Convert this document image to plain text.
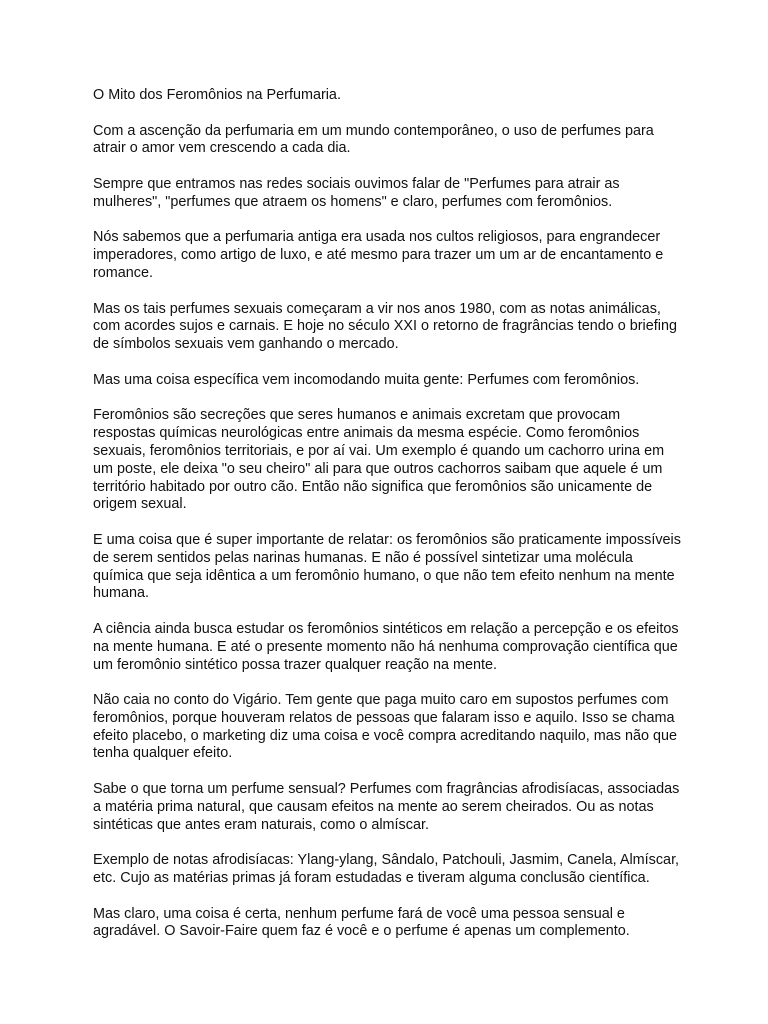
O Mito dos Feromônios na Perfumaria.

Com a ascenção da perfumaria em um mundo contemporâneo, o uso de perfumes para
atrair o amor vem crescendo a cada dia.

Sempre que entramos nas redes sociais ouvimos falar de "Perfumes para atrair as
mulheres", "perfumes que atraem os homens" e claro, perfumes com feromônios.

Nós sabemos que a perfumaria antiga era usada nos cultos religiosos, para engrandecer
imperadores, como artigo de luxo, e até mesmo para trazer um um ar de encantamento e
romance.

Mas os tais perfumes sexuais começaram a vir nos anos 1980, com as notas animálicas,
com acordes sujos e carnais. E hoje no século XXI o retorno de fragrâncias tendo o briefing
de símbolos sexuais vem ganhando o mercado.

Mas uma coisa específica vem incomodando muita gente: Perfumes com feromônios.

Feromônios são secreções que seres humanos e animais excretam que provocam
respostas químicas neurológicas entre animais da mesma espécie. Como feromônios
sexuais, feromônios territoriais, e por aí vai. Um exemplo é quando um cachorro urina em
um poste, ele deixa "o seu cheiro" ali para que outros cachorros saibam que aquele é um
território habitado por outro cão. Então não significa que feromônios são unicamente de
origem sexual.

E uma coisa que é super importante de relatar: os feromônios são praticamente impossíveis
de serem sentidos pelas narinas humanas. E não é possível sintetizar uma molécula
química que seja idêntica a um feromônio humano, o que não tem efeito nenhum na mente
humana.

A ciência ainda busca estudar os feromônios sintéticos em relação a percepção e os efeitos
na mente humana. E até o presente momento não há nenhuma comprovação científica que
um feromônio sintético possa trazer qualquer reação na mente.

Não caia no conto do Vigário. Tem gente que paga muito caro em supostos perfumes com
feromônios, porque houveram relatos de pessoas que falaram isso e aquilo. Isso se chama
efeito placebo, o marketing diz uma coisa e você compra acreditando naquilo, mas não que
tenha qualquer efeito.

Sabe o que torna um perfume sensual? Perfumes com fragrâncias afrodisíacas, associadas
a matéria prima natural, que causam efeitos na mente ao serem cheirados. Ou as notas
sintéticas que antes eram naturais, como o almíscar.

Exemplo de notas afrodisíacas: Ylang-ylang, Sândalo, Patchouli, Jasmim, Canela, Almíscar,
etc. Cujo as matérias primas já foram estudadas e tiveram alguma conclusão científica.

Mas claro, uma coisa é certa, nenhum perfume fará de você uma pessoa sensual e
agradável. O Savoir-Faire quem faz é você e o perfume é apenas um complemento.
